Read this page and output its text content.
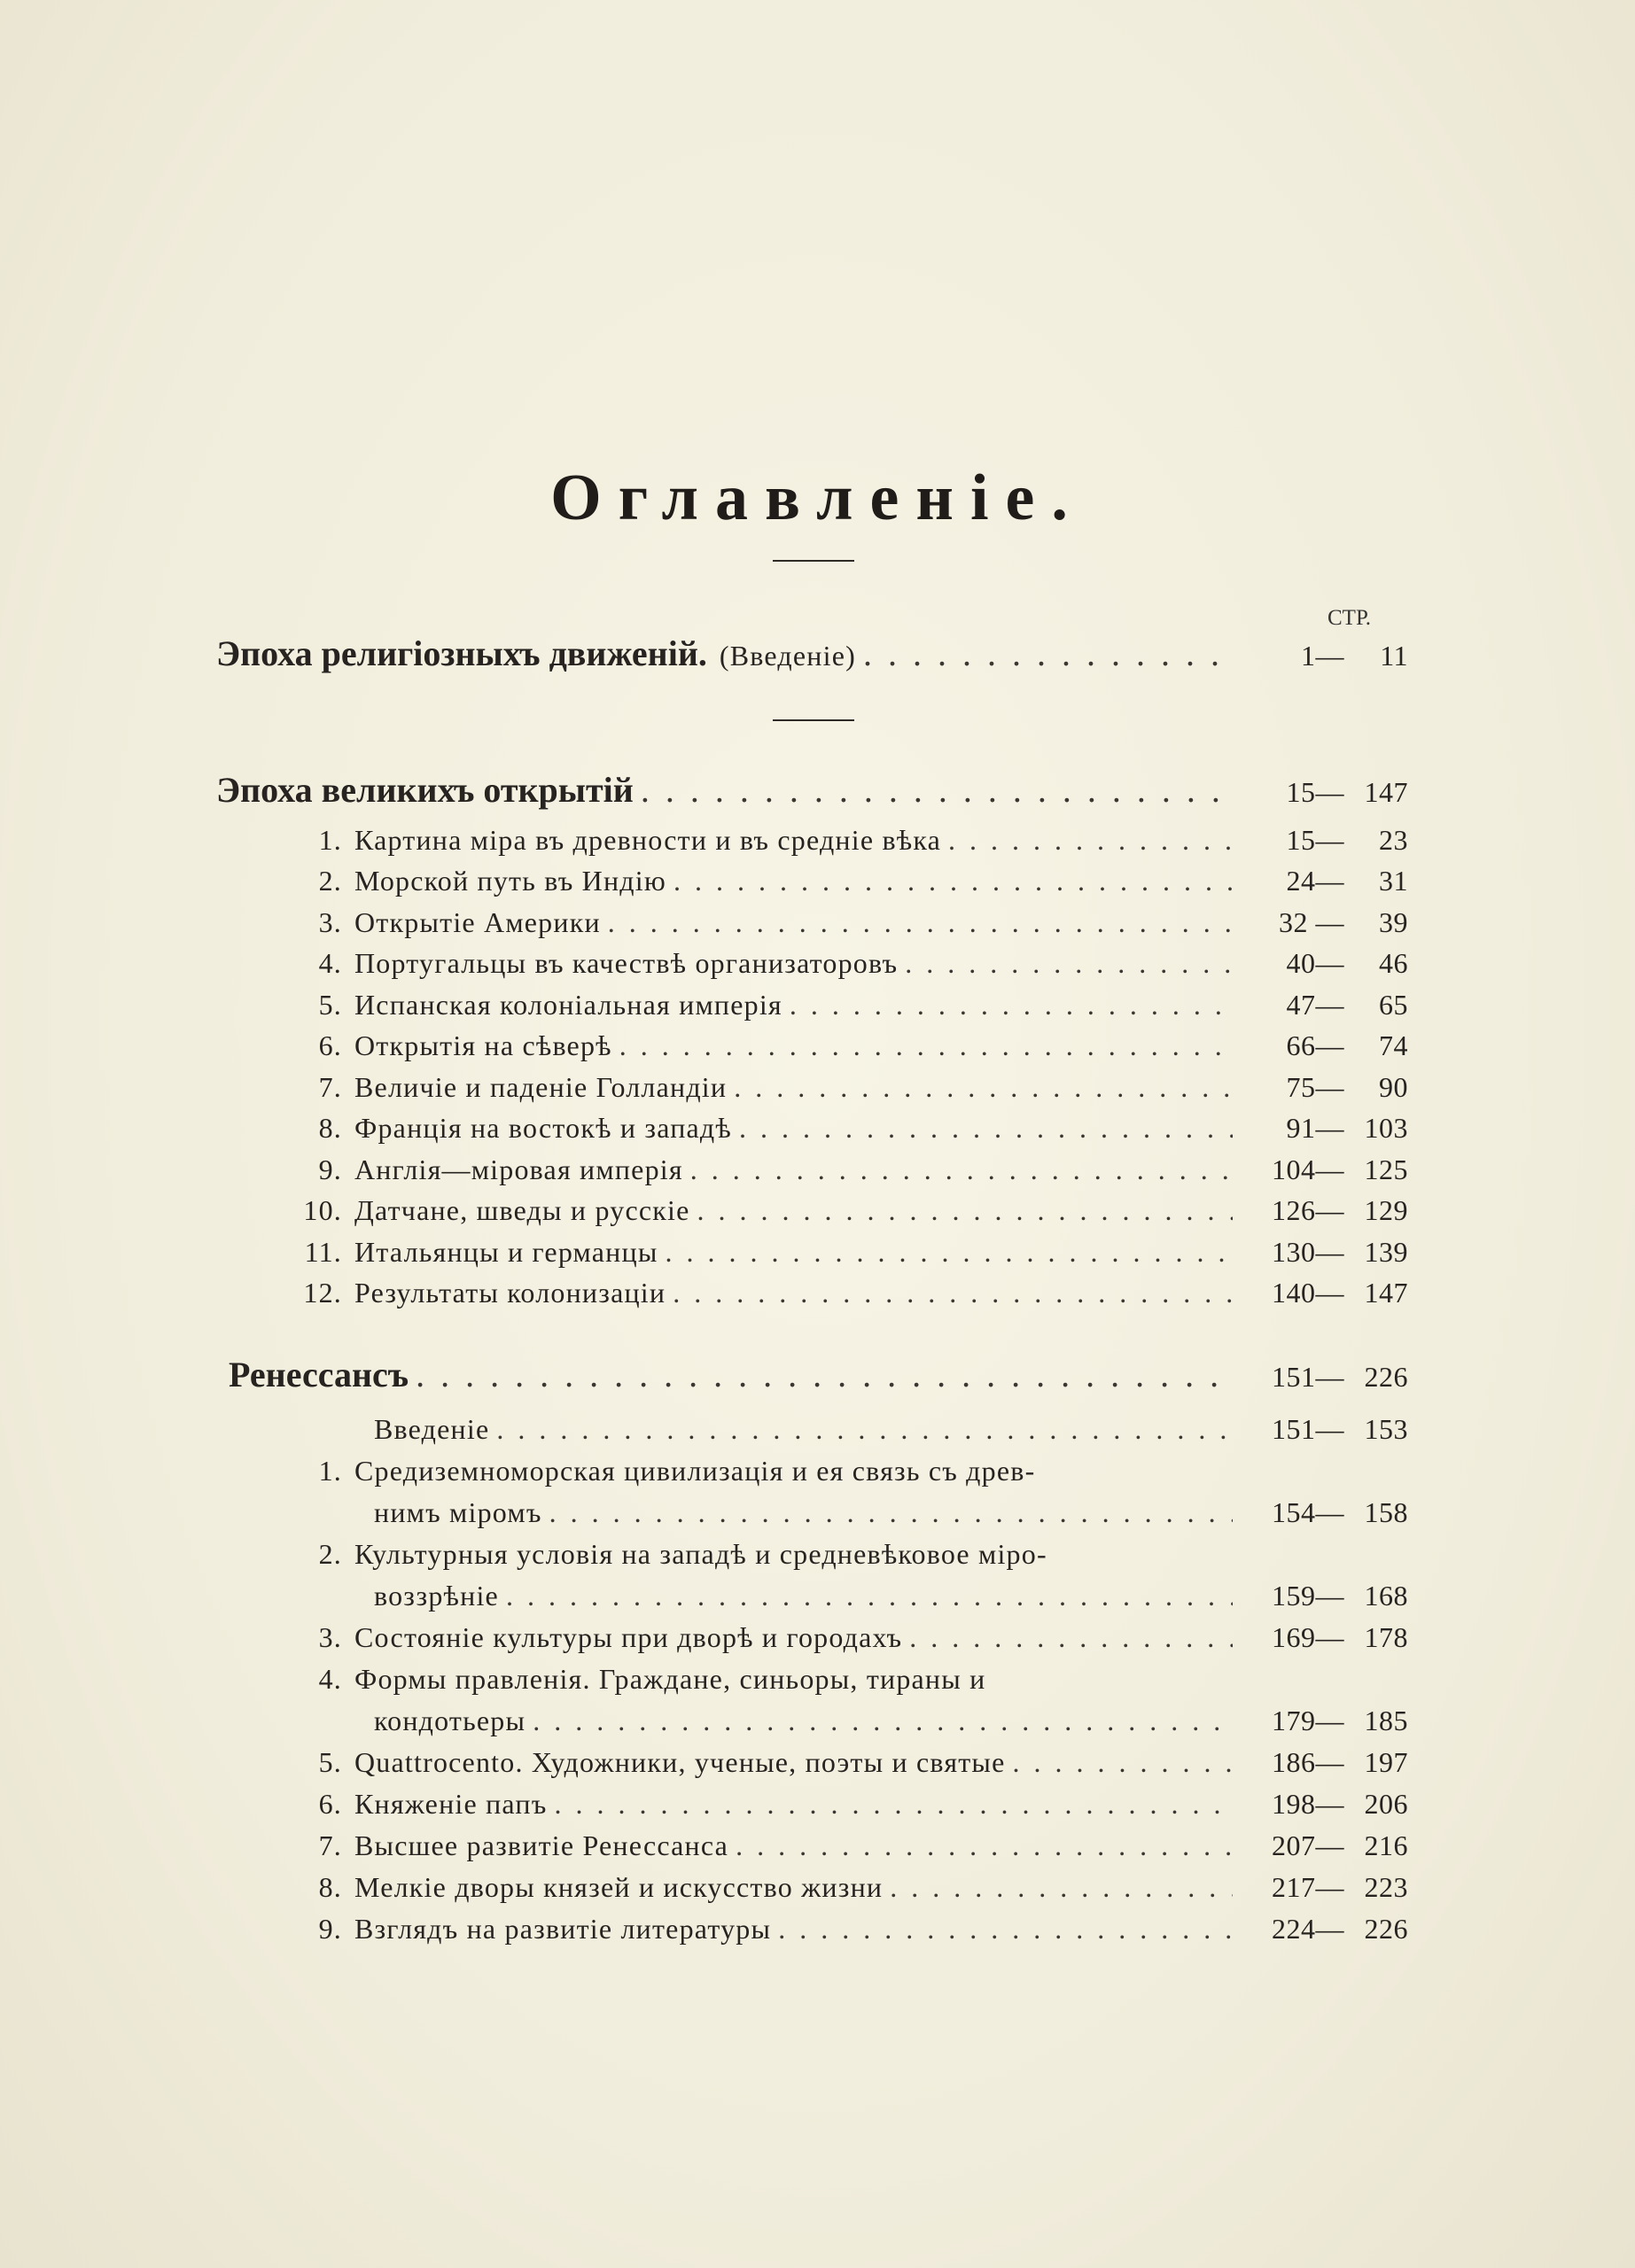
Оглавленіе.
СТР.
Эпоха религіозныхъ движеній. (Введеніе) . . .	1—	11
Эпоха великихъ открытій . . .	15— 147
1. Картина міра въ древности и въ средніе вѣка . . .	15—	23
2. Морской путь въ Индію . . .	24—	31
3. Открытіе Америки . . .	32 —	39
4. Португальцы въ качествѣ организаторовъ . . .	40—	46
5. Испанская колоніальная имперія . . .	47—	65
6. Открытія на сѣверѣ . . .	66—	74
7. Величіе и паденіе Голландіи . . .	75—	90
8. Франція на востокѣ и западѣ . . .	91— 103
9. Англія—міровая имперія . . .	104— 125
10. Датчане, шведы и русскіе . . .	126— 129
11. Итальянцы и германцы . . .	130— 139
12. Результаты колонизаціи . . .	140— 147
Ренессансъ . . .	151— 226
Введеніе . . .	151— 153
1. Средиземноморская цивилизація и ея связь съ древ-
нимъ міромъ . . .	154— 158
2. Культурныя условія на западѣ и средневѣковое міро-
воззрѣніе . . .	159— 168
3. Состояніе культуры при дворѣ и городахъ . . .	169— 178
4. Формы правленія. Граждане, синьоры, тираны и
кондотьеры . . .	179— 185
5. Quattrocento. Художники, ученые, поэты и святые . . .	186— 197
6. Княженіе папъ . . .	198— 206
7. Высшее развитіе Ренессанса . . .	207— 216
8. Мелкіе дворы князей и искусство жизни . . .	217— 223
9. Взглядъ на развитіе литературы . . .	224— 226
